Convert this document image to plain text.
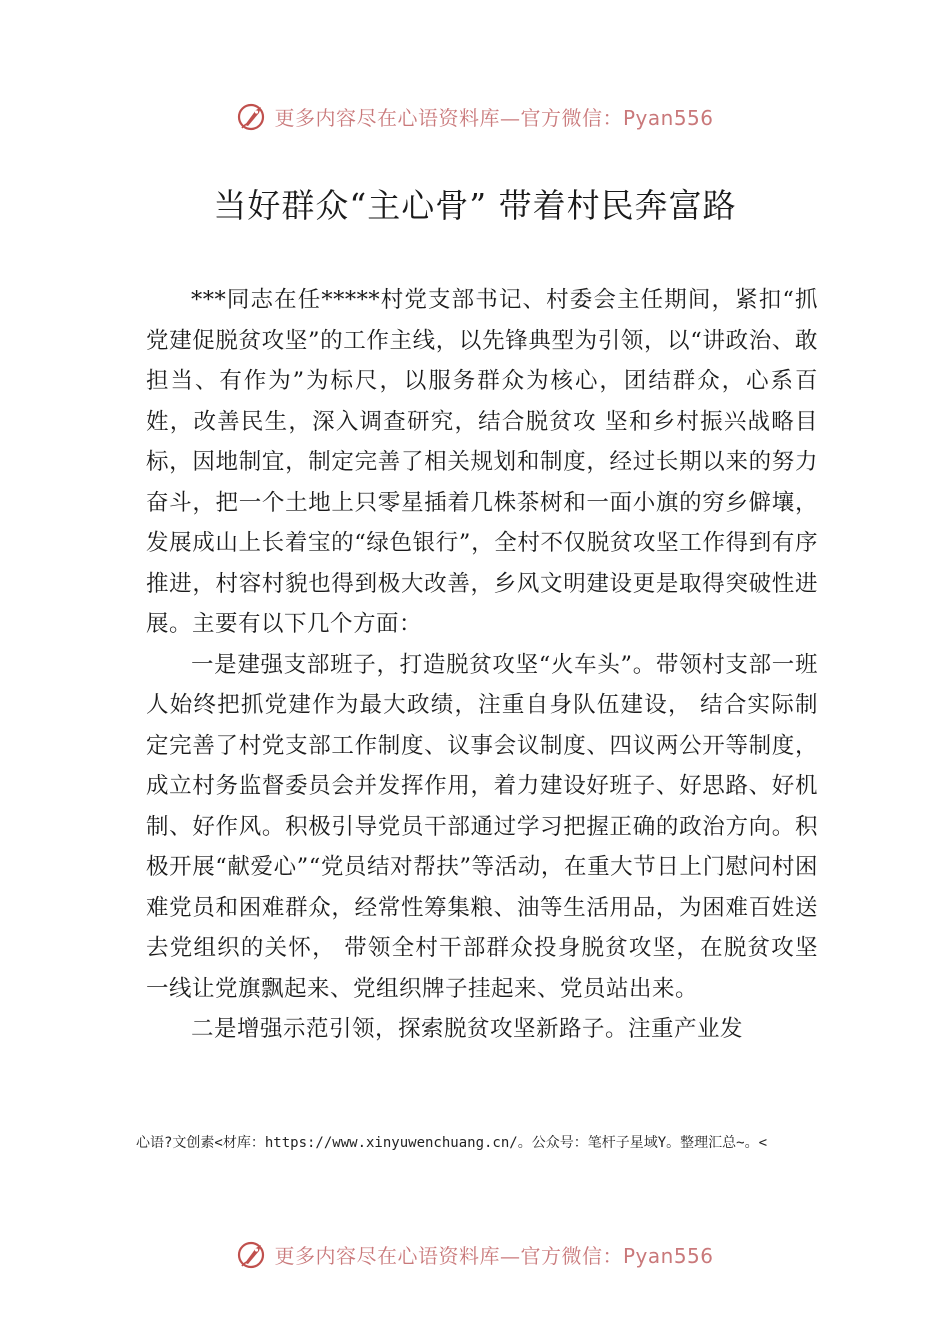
更多内容尽在心语资料库—官方微信：Pyan556
当好群众“主心骨” 带着村民奔富路

***同志在任*****村党支部书记、村委会主任期间，紧扣“抓党建促脱贫攻坚”的工作主线，以先锋典型为引领，以“讲政治、敢担当、有作为”为标尺，以服务群众为核心，团结群众，心系百姓，改善民生，深入调查研究，结合脱贫攻 坚和乡村振兴战略目标，因地制宜，制定完善了相关规划和制度，经过长期以来的努力奋斗，把一个土地上只零星插着几株茶树和一面小旗的穷乡僻壤，发展成山上长着宝的“绿色银行”，全村不仅脱贫攻坚工作得到有序推进，村容村貌也得到极大改善，乡风文明建设更是取得突破性进展。主要有以下几个方面：

一是建强支部班子，打造脱贫攻坚“火车头”。带领村支部一班人始终把抓党建作为最大政绩，注重自身队伍建设， 结合实际制定完善了村党支部工作制度、议事会议制度、四议两公开等制度，成立村务监督委员会并发挥作用，着力建设好班子、好思路、好机制、好作风。积极引导党员干部通过学习把握正确的政治方向。积极开展“献爱心”“党员结对帮扶”等活动，在重大节日上门慰问村困难党员和困难群众，经常性筹集粮、油等生活用品，为困难百姓送去党组织的关怀， 带领全村干部群众投身脱贫攻坚，在脱贫攻坚一线让党旗飘起来、党组织牌子挂起来、党员站出来。

二是增强示范引领，探索脱贫攻坚新路子。注重产业发

心语?文创素<材库：https://www.xinyuwenchuang.cn/。公众号：笔杆子星域Y。整理汇总~。<
更多内容尽在心语资料库—官方微信：Pyan556
